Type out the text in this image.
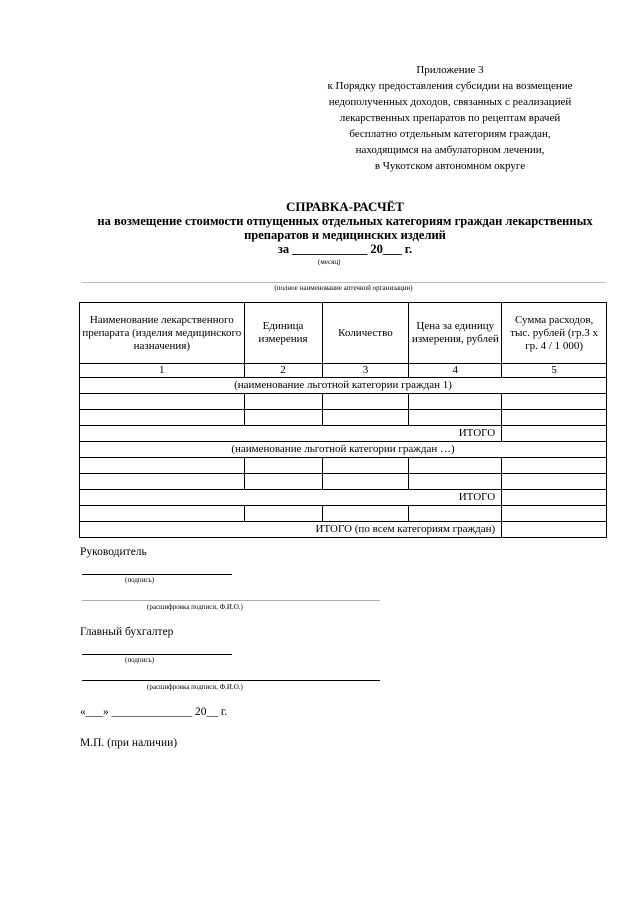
Приложение 3
к Порядку предоставления субсидии на возмещение
недополученных доходов, связанных с реализацией
лекарственных препаратов по рецептам врачей
бесплатно отдельным категориям граждан,
находящимся на амбулаторном лечении,
в Чукотском автономном округе
СПРАВКА-РАСЧЁТ
на возмещение стоимости отпущенных отдельных категориям граждан лекарственных
препаратов и медицинских изделий
за ____________ 20___ г.
(месяц)
(полное наименование аптечной организации)
Наименование лекарственного препарата (изделия медицинского назначения)	Единица измерения	Количество	Цена за единицу измерения, рублей	Сумма расходов, тыс. рублей (гр.3 х гр. 4 / 1 000)
1	2	3	4	5
(наименование льготной категории граждан 1)				

ИТОГО				
(наименование льготной категории граждан …)				

ИТОГО				

ИТОГО (по всем категориям граждан)				
Руководитель
(подпись)
(расшифровка подписи, Ф.И.О.)
Главный бухгалтер
(подпись)
(расшифровка подписи, Ф.И.О.)
«___» ______________ 20__ г.
М.П. (при наличии)
